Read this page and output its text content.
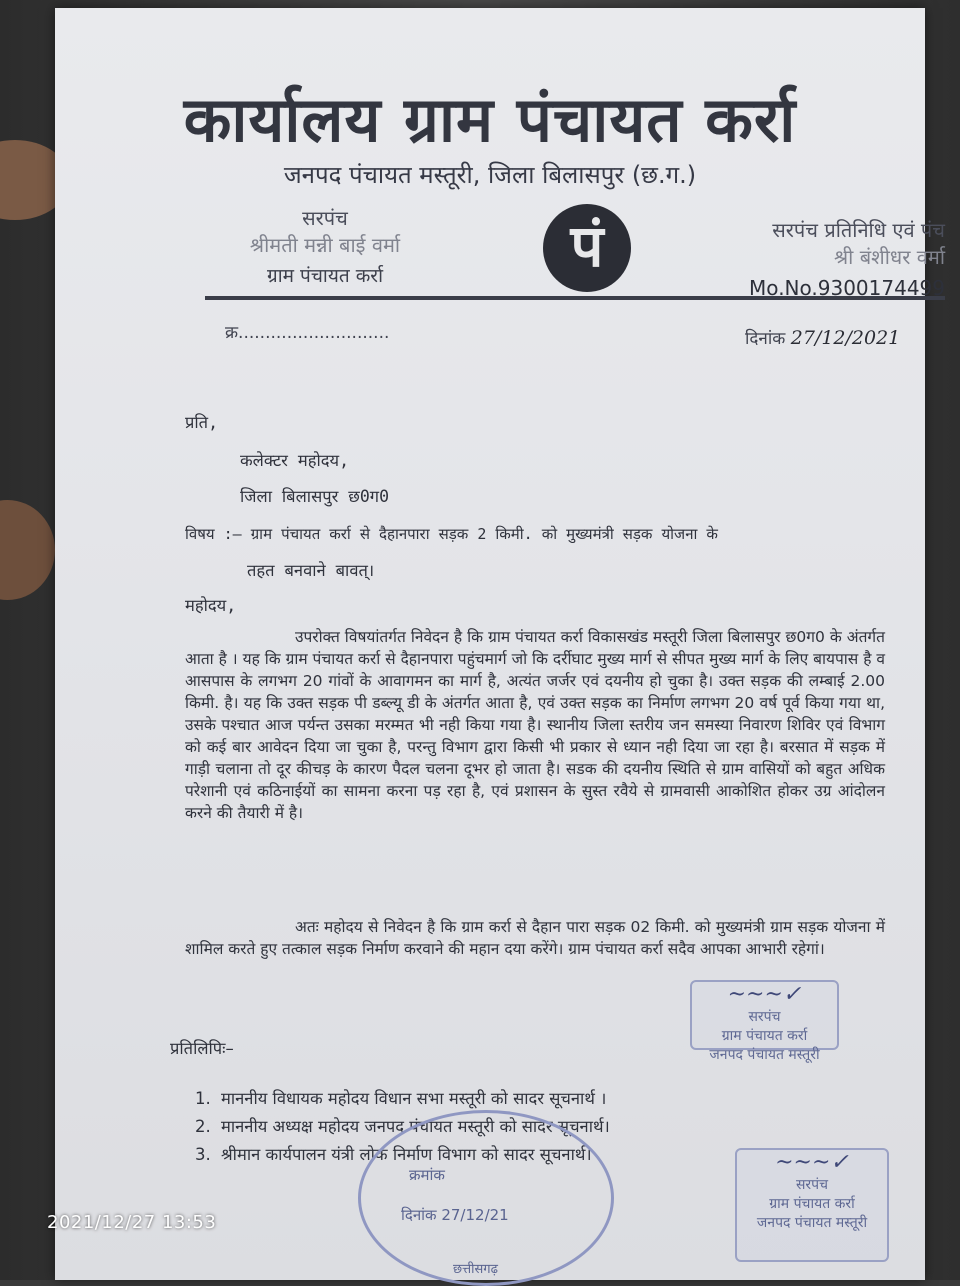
कार्यालय ग्राम पंचायत कर्रा
जनपद पंचायत मस्तूरी, जिला बिलासपुर (छ.ग.)
सरपंच
श्रीमती मन्नी बाई वर्मा
ग्राम पंचायत कर्रा	पं	सरपंच प्रतिनिधि एवं पंच
श्री बंशीधर वर्मा
Mo.No.9300174499
क्र............................	दिनांक 27/12/2021
प्रति,
कलेक्टर महोदय,
जिला बिलासपुर छ0ग0
विषय :– ग्राम पंचायत कर्रा से दैहानपारा सड़क 2 किमी. को मुख्यमंत्री सड़क योजना के
तहत बनवाने बावत्।
महोदय,
उपरोक्त विषयांतर्गत निवेदन है कि ग्राम पंचायत कर्रा विकासखंड मस्तूरी जिला बिलासपुर छ0ग0 के अंतर्गत आता है । यह कि ग्राम पंचायत कर्रा से दैहानपारा पहुंचमार्ग जो कि दर्रीघाट मुख्य मार्ग से सीपत मुख्य मार्ग के लिए बायपास है व आसपास के लगभग 20 गांवों के आवागमन का मार्ग है, अत्यंत जर्जर एवं दयनीय हो चुका है। उक्त सड़क की लम्बाई 2.00 किमी. है। यह कि उक्त सड़क पी डब्ल्यू डी के अंतर्गत आता है, एवं उक्त सड़क का निर्माण लगभग 20 वर्ष पूर्व किया गया था, उसके पश्चात आज पर्यन्त उसका मरम्मत भी नही किया गया है। स्थानीय जिला स्तरीय जन समस्या निवारण शिविर एवं विभाग को कई बार आवेदन दिया जा चुका है, परन्तु विभाग द्वारा किसी भी प्रकार से ध्यान नही दिया जा रहा है। बरसात में सड़क में गाड़ी चलाना तो दूर कीचड़ के कारण पैदल चलना दूभर हो जाता है। सडक की दयनीय स्थिति से ग्राम वासियों को बहुत अधिक परेशानी एवं कठिनाईयों का सामना करना पड़ रहा है, एवं प्रशासन के सुस्त रवैये से ग्रामवासी आकोशित होकर उग्र आंदोलन करने की तैयारी में है।
अतः महोदय से निवेदन है कि ग्राम कर्रा से दैहान पारा सड़क 02 किमी. को मुख्यमंत्री ग्राम सड़क योजना में शामिल करते हुए तत्काल सड़क निर्माण करवाने की महान दया करेंगे। ग्राम पंचायत कर्रा सदैव आपका आभारी रहेगां।
~~~✓
सरपंच
ग्राम पंचायत कर्रा
जनपद पंचायत मस्तूरी
प्रतिलिपिः–
1. माननीय विधायक महोदय विधान सभा मस्तूरी को सादर सूचनार्थ ।
2. माननीय अध्यक्ष महोदय जनपद पंचायत मस्तूरी को सादर सूचनार्थ।
3. श्रीमान कार्यपालन यंत्री लोक निर्माण विभाग को सादर सूचनार्थ।
क्रमांक
दिनांक 27/12/21
छत्तीसगढ़
~~~✓
सरपंच
ग्राम पंचायत कर्रा
जनपद पंचायत मस्तूरी
2021/12/27 13:53
